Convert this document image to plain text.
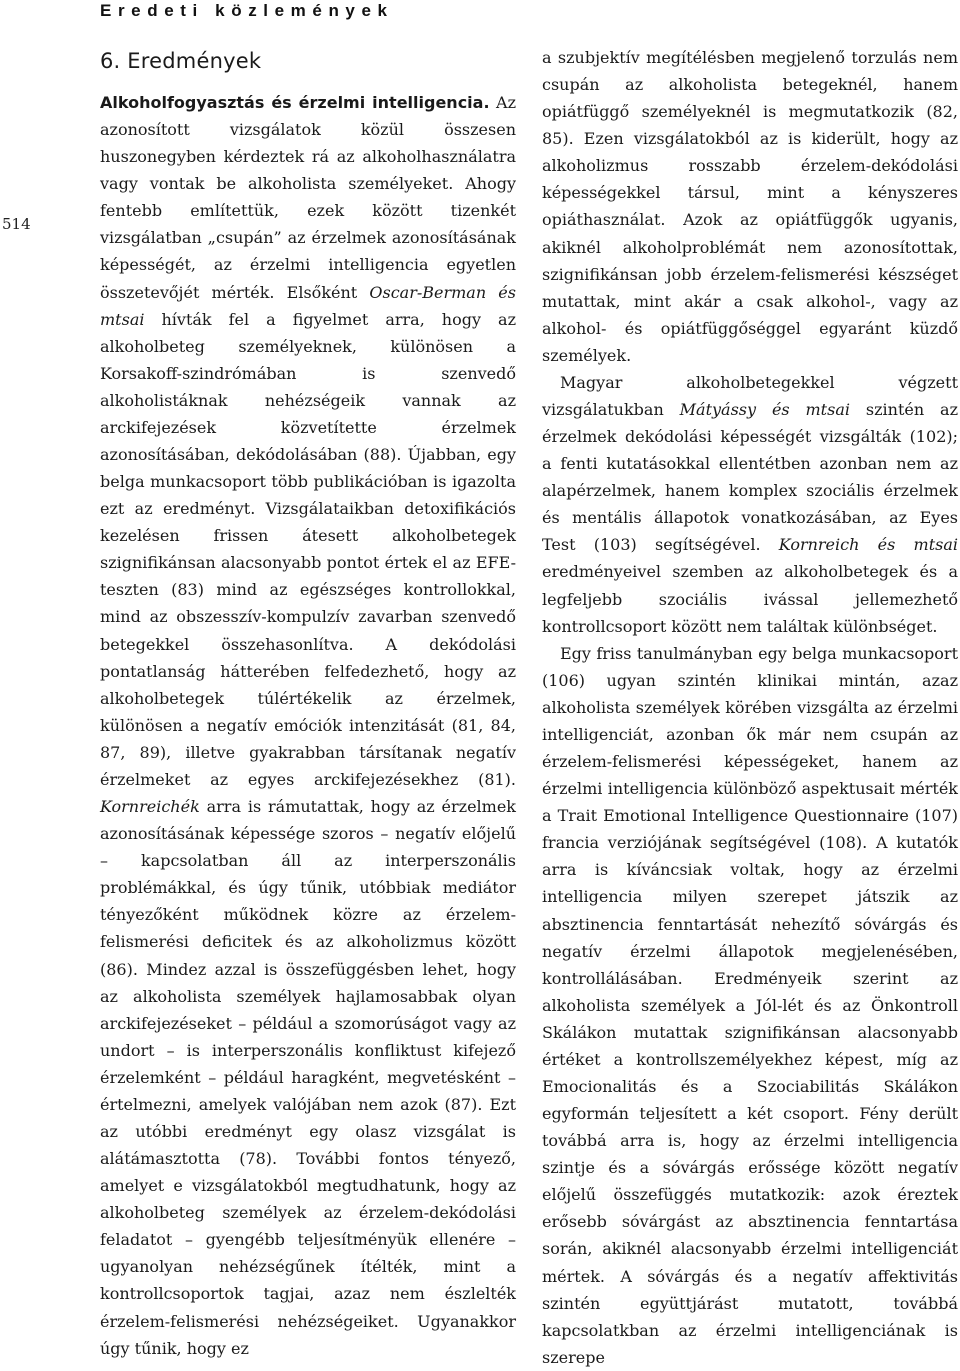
Eredeti közlemények
514
6. Eredmények

Alkoholfogyasztás és érzelmi intelligencia. Az azonosított vizsgálatok közül összesen huszonegyben kérdeztek rá az alkoholhasználatra vagy vontak be alkoholista személyeket. Ahogy fentebb említettük, ezek között tizenkét vizsgálatban „csupán” az érzelmek azonosításának képességét, az érzelmi intelligencia egyetlen összetevőjét mérték. Elsőként Oscar-Berman és mtsai hívták fel a figyelmet arra, hogy az alkoholbeteg személyeknek, különösen a Korsakoff-szindrómában is szenvedő alkoholistáknak nehézségeik vannak az arckifejezések közvetítette érzelmek azonosításában, dekódolásában (88). Újabban, egy belga munkacsoport több publikációban is igazolta ezt az eredményt. Vizsgálataikban detoxifikációs kezelésen frissen átesett alkoholbetegek szignifikánsan alacsonyabb pontot értek el az EFE-teszten (83) mind az egészséges kontrollokkal, mind az obszesszív-kompulzív zavarban szenvedő betegekkel összehasonlítva. A dekódolási pontatlanság hátterében felfedezhető, hogy az alkoholbetegek túlértékelik az érzelmek, különösen a negatív emóciók intenzitását (81, 84, 87, 89), illetve gyakrabban társítanak negatív érzelmeket az egyes arckifejezésekhez (81). Kornreichék arra is rámutattak, hogy az érzelmek azonosításának képessége szoros – negatív előjelű – kapcsolatban áll az interperszonális problémákkal, és úgy tűnik, utóbbiak mediátor tényezőként működnek közre az érzelem-felismerési deficitek és az alkoholizmus között (86). Mindez azzal is összefüggésben lehet, hogy az alkoholista személyek hajlamosabbak olyan arckifejezéseket – például a szomorúságot vagy az undort – is interperszonális konfliktust kifejező érzelemként – például haragként, megvetésként – értelmezni, amelyek valójában nem azok (87). Ezt az utóbbi eredményt egy olasz vizsgálat is alátámasztotta (78). További fontos tényező, amelyet e vizsgálatokból megtudhatunk, hogy az alkoholbeteg személyek az érzelem-dekódolási feladatot – gyengébb teljesítményük ellenére – ugyanolyan nehézségűnek ítélték, mint a kontrollcsoportok tagjai, azaz nem észlelték érzelem-felismerési nehézségeiket. Ugyanakkor úgy tűnik, hogy ez

a szubjektív megítélésben megjelenő torzulás nem csupán az alkoholista betegeknél, hanem opiátfüggő személyeknél is megmutatkozik (82, 85). Ezen vizsgálatokból az is kiderült, hogy az alkoholizmus rosszabb érzelem-dekódolási képességekkel társul, mint a kényszeres opiáthasználat. Azok az opiátfüggők ugyanis, akiknél alkoholproblémát nem azonosítottak, szignifikánsan jobb érzelem-felismerési készséget mutattak, mint akár a csak alkohol-, vagy az alkohol- és opiátfüggőséggel egyaránt küzdő személyek.

Magyar alkoholbetegekkel végzett vizsgálatukban Mátyássy és mtsai szintén az érzelmek dekódolási képességét vizsgálták (102); a fenti kutatásokkal ellentétben azonban nem az alapérzelmek, hanem komplex szociális érzelmek és mentális állapotok vonatkozásában, az Eyes Test (103) segítségével. Kornreich és mtsai eredményeivel szemben az alkoholbetegek és a legfeljebb szociális ivással jellemezhető kontrollcsoport között nem találtak különbséget.

Egy friss tanulmányban egy belga munkacsoport (106) ugyan szintén klinikai mintán, azaz alkoholista személyek körében vizsgálta az érzelmi intelligenciát, azonban ők már nem csupán az érzelem-felismerési képességeket, hanem az érzelmi intelligencia különböző aspektusait mérték a Trait Emotional Intelligence Questionnaire (107) francia verziójának segítségével (108). A kutatók arra is kíváncsiak voltak, hogy az érzelmi intelligencia milyen szerepet játszik az absztinencia fenntartását nehezítő sóvárgás és negatív érzelmi állapotok megjelenésében, kontrollálásában. Eredményeik szerint az alkoholista személyek a Jól-lét és az Önkontroll Skálákon mutattak szignifikánsan alacsonyabb értéket a kontrollszemélyekhez képest, míg az Emocionalitás és a Szociabilitás Skálákon egyformán teljesített a két csoport. Fény derült továbbá arra is, hogy az érzelmi intelligencia szintje és a sóvárgás erőssége között negatív előjelű összefüggés mutatkozik: azok éreztek erősebb sóvárgást az absztinencia fenntartása során, akiknél alacsonyabb érzelmi intelligenciát mértek. A sóvárgás és a negatív affektivitás szintén együttjárást mutatott, továbbá kapcsolatkban az érzelmi intelligenciának is szerepe
